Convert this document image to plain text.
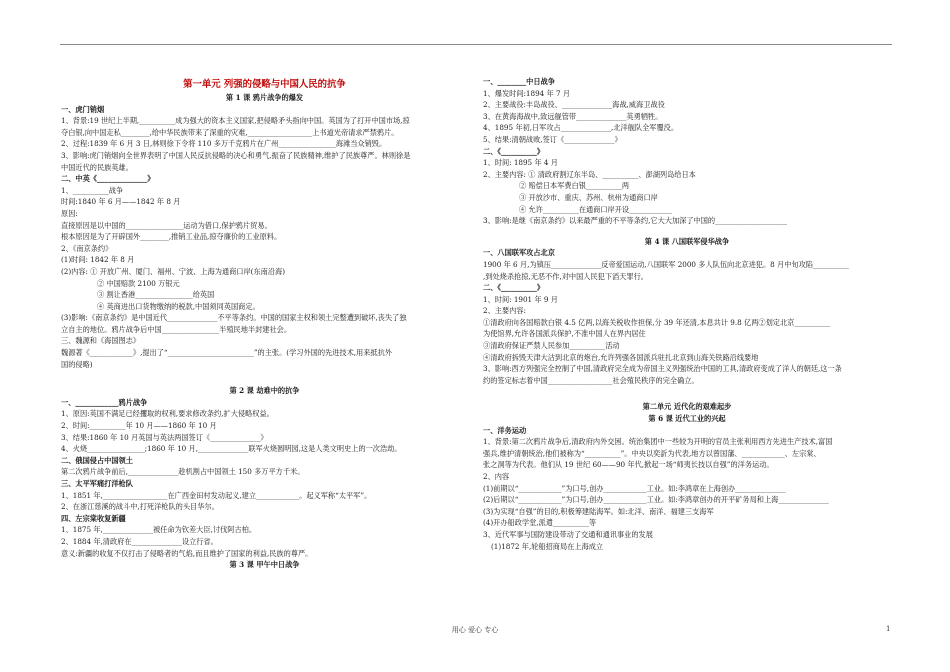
第一单元 列强的侵略与中国人民的抗争
第 1 课 鸦片战争的爆发
一、虎门销烟
1、背景:19 世纪上半期,__________成为强大的资本主义国家,把侵略矛头指向中国。英国为了打开中国市场,掠
夺白银,向中国走私________,给中华民族带来了深重的灾难,__________________上书道光帝请求严禁鸦片。
2、过程:1839 年 6 月 3 日,林则徐下令将 110 多万千克鸦片在广州________________海滩当众销毁。
3、影响:虎门销烟向全世界表明了中国人民反抗侵略的决心和勇气,振奋了民族精神,维护了民族尊严。林则徐是
中国近代的民族英雄。
二、中英《______________》
1、__________战争
时间:1840 年 6 月——1842 年 8 月
原因:
直接原因是以中国的________________运动为借口,保护鸦片贸易。
根本原因是为了开辟国外________,推销工业品,掠夺廉价的工业原料。
2、《南京条约》
(1)时间: 1842 年 8 月
(2)内容: ① 开放广州、厦门、福州、宁波、上海为通商口岸(东南沿海)
② 中国赔款 2100 万银元
③ 割让香港________________给英国
④ 英商进出口货物缴纳的税款,中国须同英国商定。
(3)影响:《南京条约》是中国近代______________不平等条约。中国的国家主权和领土完整遭到破坏,丧失了独
立自主的地位。鸦片战争后中国________________半殖民地半封建社会。
三、魏源和《海国图志》
魏源著《____________》,提出了“________________________”的主张。(学习外国的先进技术,用来抵抗外
国的侵略)
第 2 课 劫难中的抗争
一、____________鸦片战争
1、原因:英国不满足已经攫取的权利,要求修改条约,扩大侵略权益。
2、时间:__________年 10 月——1860 年 10 月
3、结果:1860 年 10 月英国与英法两国签订《______________》
4、火烧________________;1860 年 10 月,______________联军火烧圆明园,这是人类文明史上的一次浩劫。
二、俄国侵占中国领土
第二次鸦片战争前后,______________趁机割占中国领土 150 多万平方千米。
三、太平军痛打洋枪队
1、1851 年,__________________在广西金田村发动起义,建立____________。起义军称“太平军”。
2、在浙江慈溪的战斗中,打死洋枪队的头目华尔。
四、左宗棠收复新疆
1、1875 年,______________被任命为钦差大臣,讨伐阿古柏。
2、1884 年,清政府在______________设立行省。
意义:新疆的收复不仅打击了侵略者的气焰,而且维护了国家的利益,民族的尊严。
第 3 课 甲午中日战争
一、________中日战争
1、爆发时间:1894 年 7 月
2、主要战役:丰岛战役、______________海战,威海卫战役
3、在黄海海战中,致远舰管带______________英勇牺牲。
4、1895 年初,日军攻占______________,北洋舰队全军覆没。
5、结果:清朝战败,签订《______________》
二、《__________》
1、时间: 1895 年 4 月
2、主要内容: ① 清政府割辽东半岛、__________、澎湖列岛给日本
② 赔偿日本军费白银__________两
③ 开放沙市、重庆、苏州、杭州为通商口岸
④ 允许__________在通商口岸开设____________
3、影响:是继《南京条约》以来最严重的不平等条约,它大大加深了中国的____________________
第 4 课 八国联军侵华战争
一、八国联军攻占北京
1900 年 6 月,为镇压______________反帝爱国运动,八国联军 2000 多人队伍向北京进犯。8 月中旬攻陷__________
,到处烧杀抢掠,无恶不作,对中国人民犯下滔天罪行。
二、《__________》
1、时间: 1901 年 9 月
2、主要内容:
①清政府向各国赔款白银 4.5 亿两,以海关税收作担保,分 39 年还清,本息共计 9.8 亿两②划定北京__________
为使馆界,允许各国派兵保护,不准中国人在界内居住
③清政府保证严禁人民参加__________活动
④清政府拆毁天津大沽到北京的炮台,允许列强各国派兵驻扎北京到山海关铁路沿线要地
3、影响:西方列强完全控制了中国,清政府完全成为帝国主义列强统治中国的工具,清政府变成了洋人的朝廷,这一条
约的签定标志着中国__________________社会殖民秩序的完全确立。
第二单元 近代化的艰难起步
第 6 课 近代工业的兴起
一、洋务运动
1、背景:第二次鸦片战争后,清政府内外交困。统治集团中一些较为开明的官员主张利用西方先进生产技术,富国
强兵,维护清朝统治,他们被称为“__________”。中央以奕訢为代表,地方以曾国藩、____________、左宗棠、
张之洞等为代表。他们从 19 世纪 60——90 年代,掀起一场“师夷长技以自强”的洋务运动。
2、内容
(1)前期以“____________”为口号,创办____________工业。如:李鸿章在上海创办______________
(2)后期以“____________”为口号,创办____________工业。如:李鸿章创办的开平矿务局和上海______________
(3)为实现“自强”的目的,积极筹建陆海军。如:北洋、南洋、福建三支海军
(4)开办船政学堂,派遣__________等
3、近代军事与国防建设带动了交通和通讯事业的发展
(1)1872 年,轮船招商局在上海成立
用心 爱心 专心	1
